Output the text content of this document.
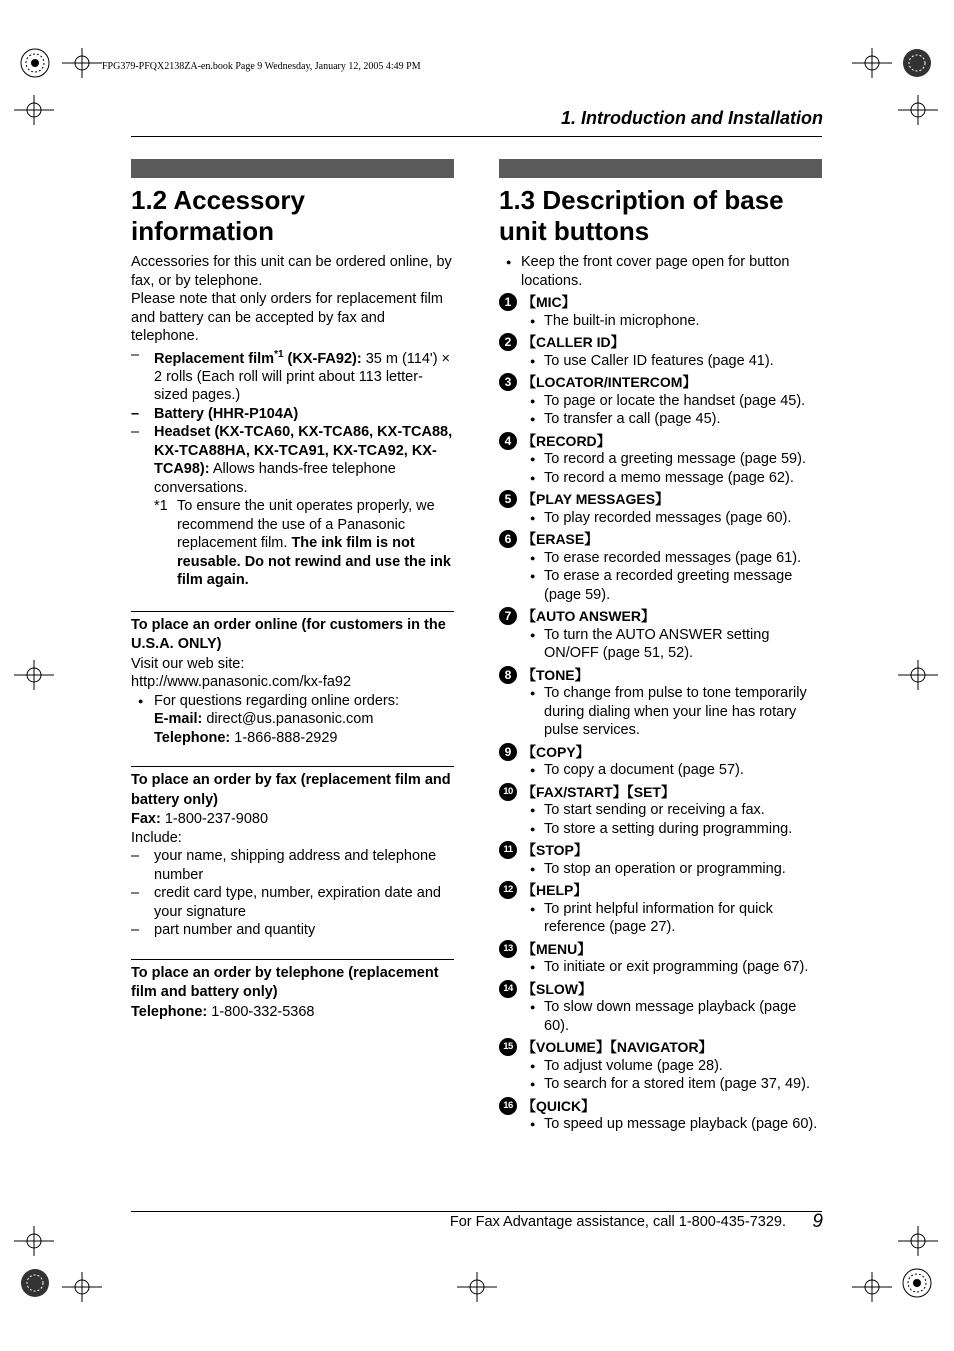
FPG379-PFQX2138ZA-en.book Page 9 Wednesday, January 12, 2005 4:49 PM
1. Introduction and Installation
1.2 Accessory information

Accessories for this unit can be ordered online, by fax, or by telephone.

Please note that only orders for replacement film and battery can be accepted by fax and telephone.

– Replacement film$^{*1}$ (KX-FA92): 35 m (114') × 2 rolls (Each roll will print about 113 letter-sized pages.)
– Battery (HHR-P104A)
– Headset (KX-TCA60, KX-TCA86, KX-TCA88, KX-TCA88HA, KX-TCA91, KX-TCA92, KX-TCA98): Allows hands-free telephone conversations.
*1 To ensure the unit operates properly, we recommend the use of a Panasonic replacement film. The ink film is not reusable. Do not rewind and use the ink film again.
To place an order online (for customers in the U.S.A. ONLY)

Visit our web site:

http://www.panasonic.com/kx-fa92

● For questions regarding online orders:
E-mail: direct@us.panasonic.com
Telephone: 1-866-888-2929
To place an order by fax (replacement film and battery only)

Fax: 1-800-237-9080

Include:

– your name, shipping address and telephone number
– credit card type, number, expiration date and your signature
– part number and quantity
To place an order by telephone (replacement film and battery only)

Telephone: 1-800-332-5368

1.3 Description of base unit buttons
● Keep the front cover page open for button locations.
1 【MIC】
● The built-in microphone.
2 【CALLER ID】
● To use Caller ID features (page 41).
3 【LOCATOR/INTERCOM】
● To page or locate the handset (page 45).
● To transfer a call (page 45).
4 【RECORD】
● To record a greeting message (page 59).
● To record a memo message (page 62).
5 【PLAY MESSAGES】
● To play recorded messages (page 60).
6 【ERASE】
● To erase recorded messages (page 61).
● To erase a recorded greeting message (page 59).
7 【AUTO ANSWER】
● To turn the AUTO ANSWER setting ON/OFF (page 51, 52).
8 【TONE】
● To change from pulse to tone temporarily during dialing when your line has rotary pulse services.
9 【COPY】
● To copy a document (page 57).
10 【FAX/START】【SET】
● To start sending or receiving a fax.
● To store a setting during programming.
11 【STOP】
● To stop an operation or programming.
12 【HELP】
● To print helpful information for quick reference (page 27).
13 【MENU】
● To initiate or exit programming (page 67).
14 【SLOW】
● To slow down message playback (page 60).
15 【VOLUME】【NAVIGATOR】
● To adjust volume (page 28).
● To search for a stored item (page 37, 49).
16 【QUICK】
● To speed up message playback (page 60).
For Fax Advantage assistance, call 1-800-435-7329. 9
